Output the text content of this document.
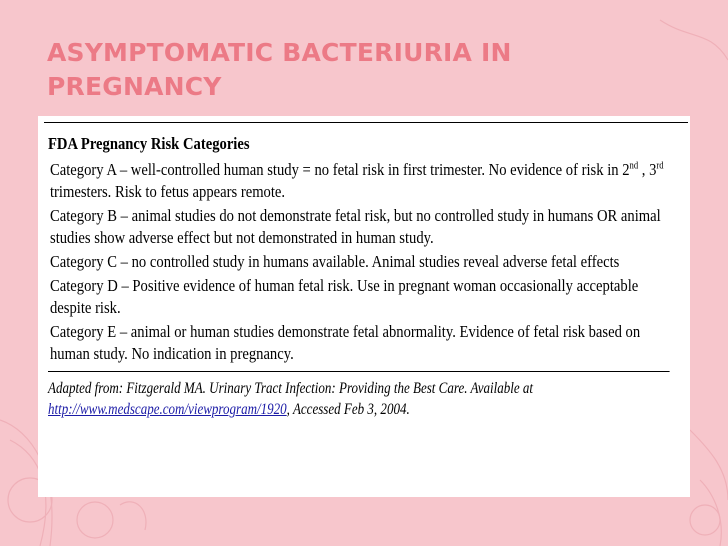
ASYMPTOMATIC BACTERIURIA IN PREGNANCY
FDA Pregnancy Risk Categories
Category A – well-controlled human study = no fetal risk in first trimester. No evidence of risk in 2nd , 3rd
trimesters. Risk to fetus appears remote.
Category B – animal studies do not demonstrate fetal risk, but no controlled study in humans OR animal
studies show adverse effect but not demonstrated in human study.
Category C – no controlled study in humans available. Animal studies reveal adverse fetal effects
Category D – Positive evidence of human fetal risk. Use in pregnant woman occasionally acceptable
despite risk.
Category E – animal or human studies demonstrate fetal abnormality. Evidence of fetal risk based on
human study. No indication in pregnancy.
Adapted from: Fitzgerald MA. Urinary Tract Infection: Providing the Best Care. Available at
http://www.medscape.com/viewprogram/1920, Accessed Feb 3, 2004.
